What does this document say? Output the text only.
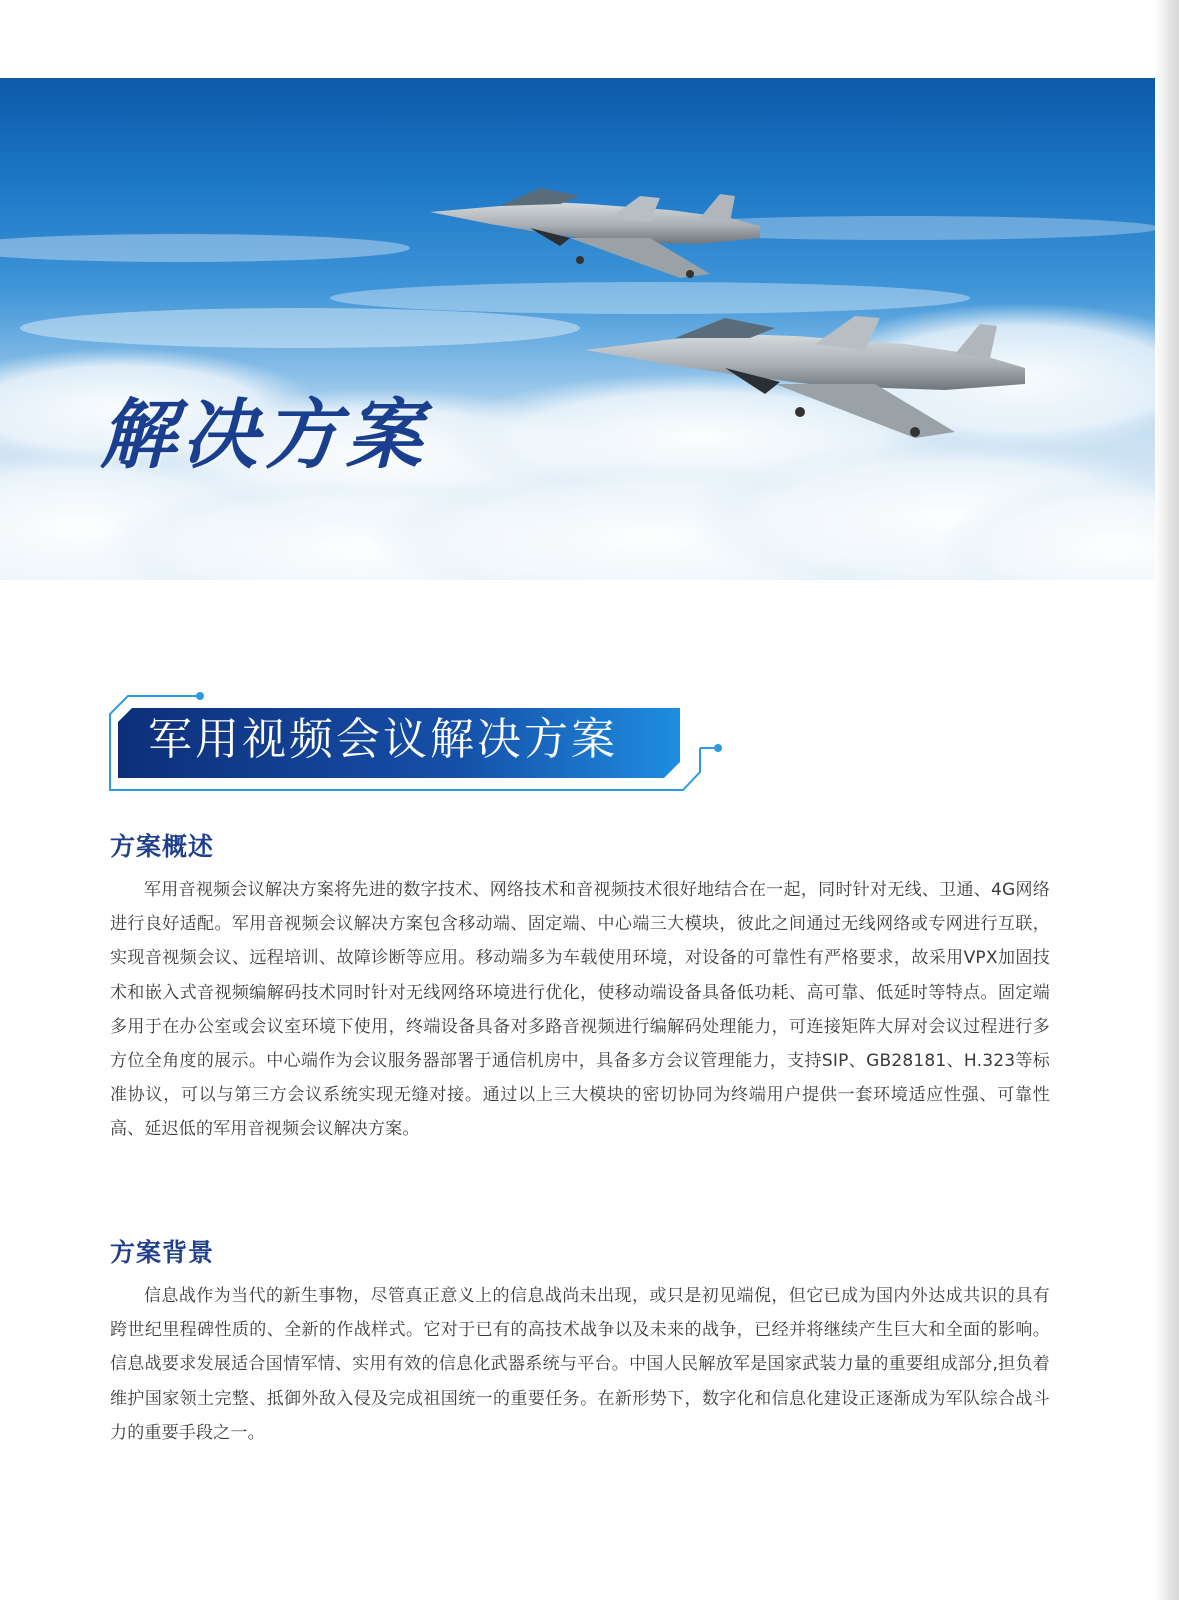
解决方案
军用视频会议解决方案
方案概述

军用音视频会议解决方案将先进的数字技术、网络技术和音视频技术很好地结合在一起，同时针对无线、卫通、4G网络进行良好适配。军用音视频会议解决方案包含移动端、固定端、中心端三大模块，彼此之间通过无线网络或专网进行互联，实现音视频会议、远程培训、故障诊断等应用。移动端多为车载使用环境，对设备的可靠性有严格要求，故采用VPX加固技术和嵌入式音视频编解码技术同时针对无线网络环境进行优化，使移动端设备具备低功耗、高可靠、低延时等特点。固定端多用于在办公室或会议室环境下使用，终端设备具备对多路音视频进行编解码处理能力，可连接矩阵大屏对会议过程进行多方位全角度的展示。中心端作为会议服务器部署于通信机房中，具备多方会议管理能力，支持SIP、GB28181、H.323等标准协议，可以与第三方会议系统实现无缝对接。通过以上三大模块的密切协同为终端用户提供一套环境适应性强、可靠性高、延迟低的军用音视频会议解决方案。

方案背景

信息战作为当代的新生事物，尽管真正意义上的信息战尚未出现，或只是初见端倪，但它已成为国内外达成共识的具有跨世纪里程碑性质的、全新的作战样式。它对于已有的高技术战争以及未来的战争，已经并将继续产生巨大和全面的影响。信息战要求发展适合国情军情、实用有效的信息化武器系统与平台。中国人民解放军是国家武装力量的重要组成部分,担负着维护国家领土完整、抵御外敌入侵及完成祖国统一的重要任务。在新形势下，数字化和信息化建设正逐渐成为军队综合战斗力的重要手段之一。
